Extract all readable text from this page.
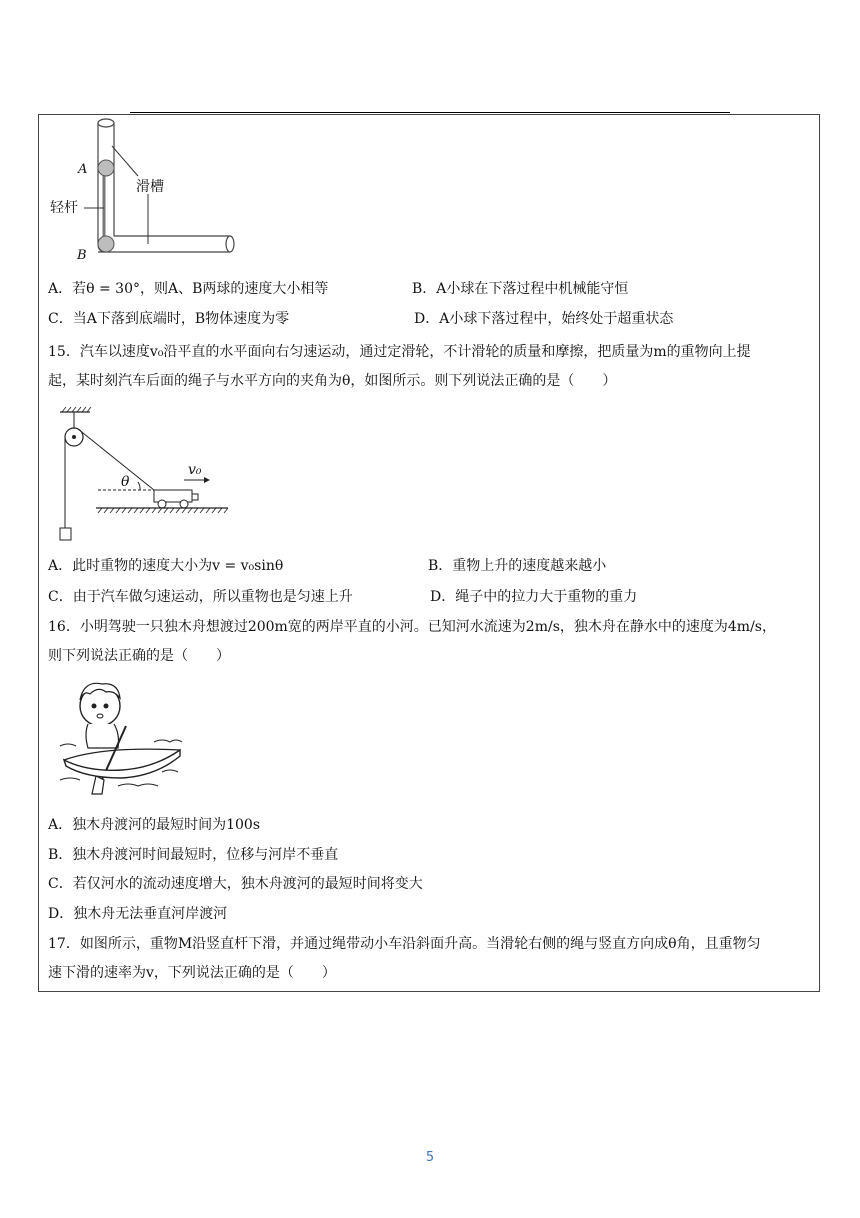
A
B
轻杆
滑槽
A．若θ = 30°，则A、B两球的速度大小相等	B．A小球在下落过程中机械能守恒
C．当A下落到底端时，B物体速度为零	D．A小球下落过程中，始终处于超重状态
15．汽车以速度v₀沿平直的水平面向右匀速运动，通过定滑轮，不计滑轮的质量和摩擦，把质量为m的重物向上提
起，某时刻汽车后面的绳子与水平方向的夹角为θ，如图所示。则下列说法正确的是（　　）
θ
v₀
A．此时重物的速度大小为v = v₀sinθ	B．重物上升的速度越来越小
C．由于汽车做匀速运动，所以重物也是匀速上升	D．绳子中的拉力大于重物的重力
16．小明驾驶一只独木舟想渡过200m宽的两岸平直的小河。已知河水流速为2m/s，独木舟在静水中的速度为4m/s，
则下列说法正确的是（　　）
A．独木舟渡河的最短时间为100s
B．独木舟渡河时间最短时，位移与河岸不垂直
C．若仅河水的流动速度增大，独木舟渡河的最短时间将变大
D．独木舟无法垂直河岸渡河
17．如图所示，重物M沿竖直杆下滑，并通过绳带动小车沿斜面升高。当滑轮右侧的绳与竖直方向成θ角，且重物匀
速下滑的速率为v，下列说法正确的是（　　）
5
